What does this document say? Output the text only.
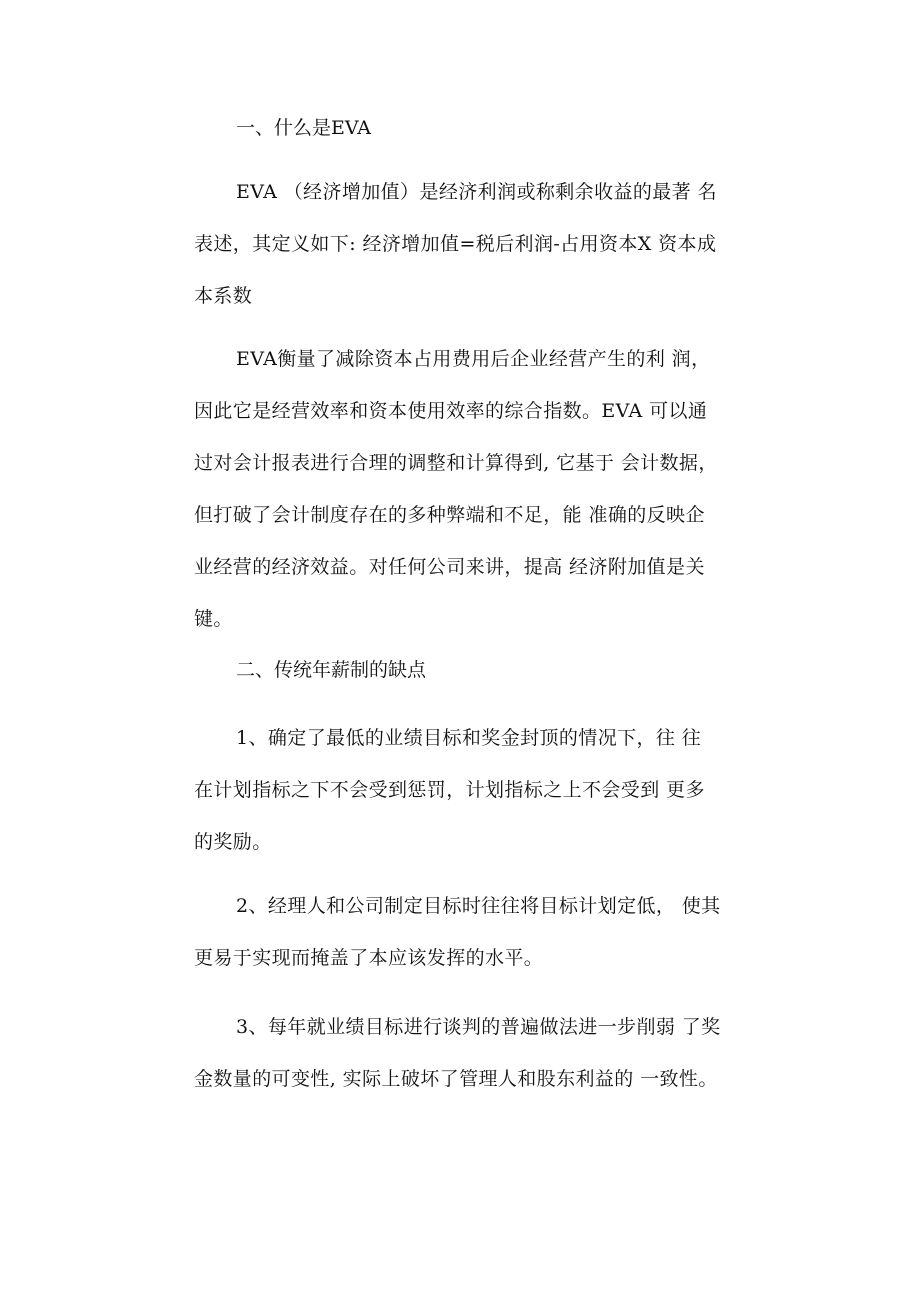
一、什么是EVA
EVA （经济增加值）是经济利润或称剩余收益的最著 名
表述，其定义如下: 经济增加值=税后利润-占用资本X 资本成
本系数
EVA衡量了减除资本占用费用后企业经营产生的利 润，
因此它是经营效率和资本使用效率的综合指数。EVA 可以通
过对会计报表进行合理的调整和计算得到, 它基于 会计数据，
但打破了会计制度存在的多种弊端和不足，能 准确的反映企
业经营的经济效益。对任何公司来讲，提高 经济附加值是关
键。
二、传统年薪制的缺点
1、确定了最低的业绩目标和奖金封顶的情况下，往 往
在计划指标之下不会受到惩罚，计划指标之上不会受到 更多
的奖励。
2、经理人和公司制定目标时往往将目标计划定低， 使其
更易于实现而掩盖了本应该发挥的水平。
3、每年就业绩目标进行谈判的普遍做法进一步削弱 了奖
金数量的可变性, 实际上破坏了管理人和股东利益的 一致性。
